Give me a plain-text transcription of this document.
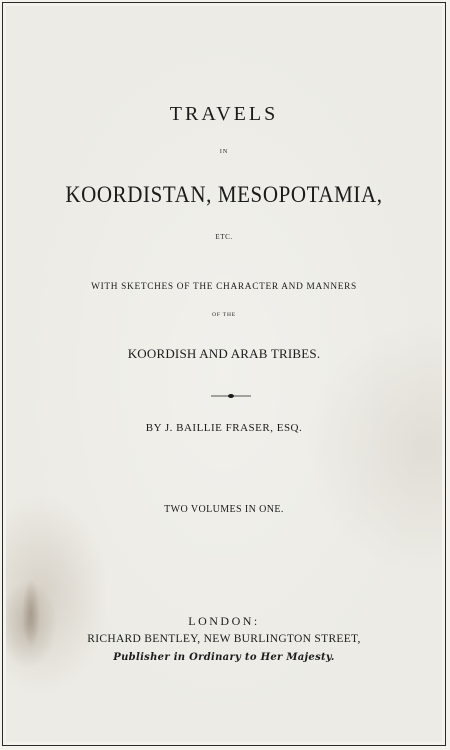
TRAVELS
IN
KOORDISTAN, MESOPOTAMIA,
ETC.
WITH SKETCHES OF THE CHARACTER AND MANNERS
OF THE
KOORDISH AND ARAB TRIBES.
BY J. BAILLIE FRASER, ESQ.
TWO VOLUMES IN ONE.
LONDON:
RICHARD BENTLEY, NEW BURLINGTON STREET,
Publisher in Ordinary to Her Majesty.
